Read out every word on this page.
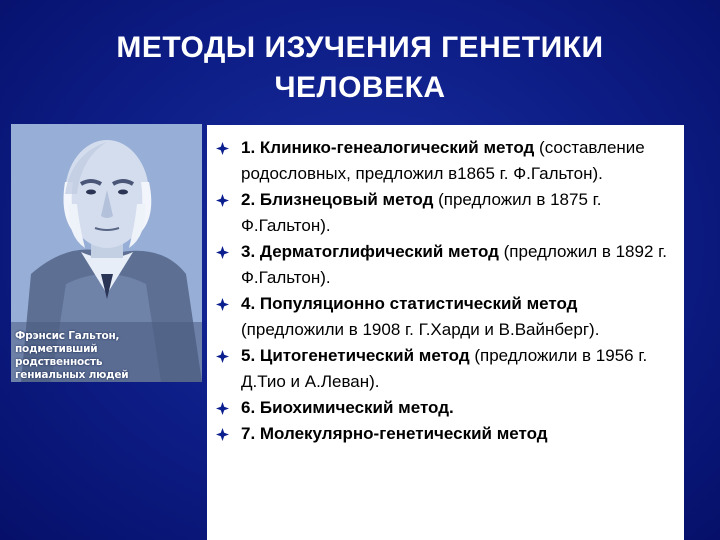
МЕТОДЫ ИЗУЧЕНИЯ ГЕНЕТИКИ
ЧЕЛОВЕКА
Фрэнсис Гальтон,
подметивший родственность
гениальных людей
1. Клинико-генеалогический метод (составление родословных, предложил в1865 г. Ф.Гальтон).
2. Близнецовый метод (предложил в 1875 г. Ф.Гальтон).
3. Дерматоглифический метод (предложил в 1892 г. Ф.Гальтон).
4. Популяционно статистический метод (предложили в 1908 г. Г.Харди и В.Вайнберг).
5. Цитогенетический метод (предложили в 1956 г. Д.Тио и А.Леван).
6. Биохимический метод.
7. Молекулярно-генетический метод
